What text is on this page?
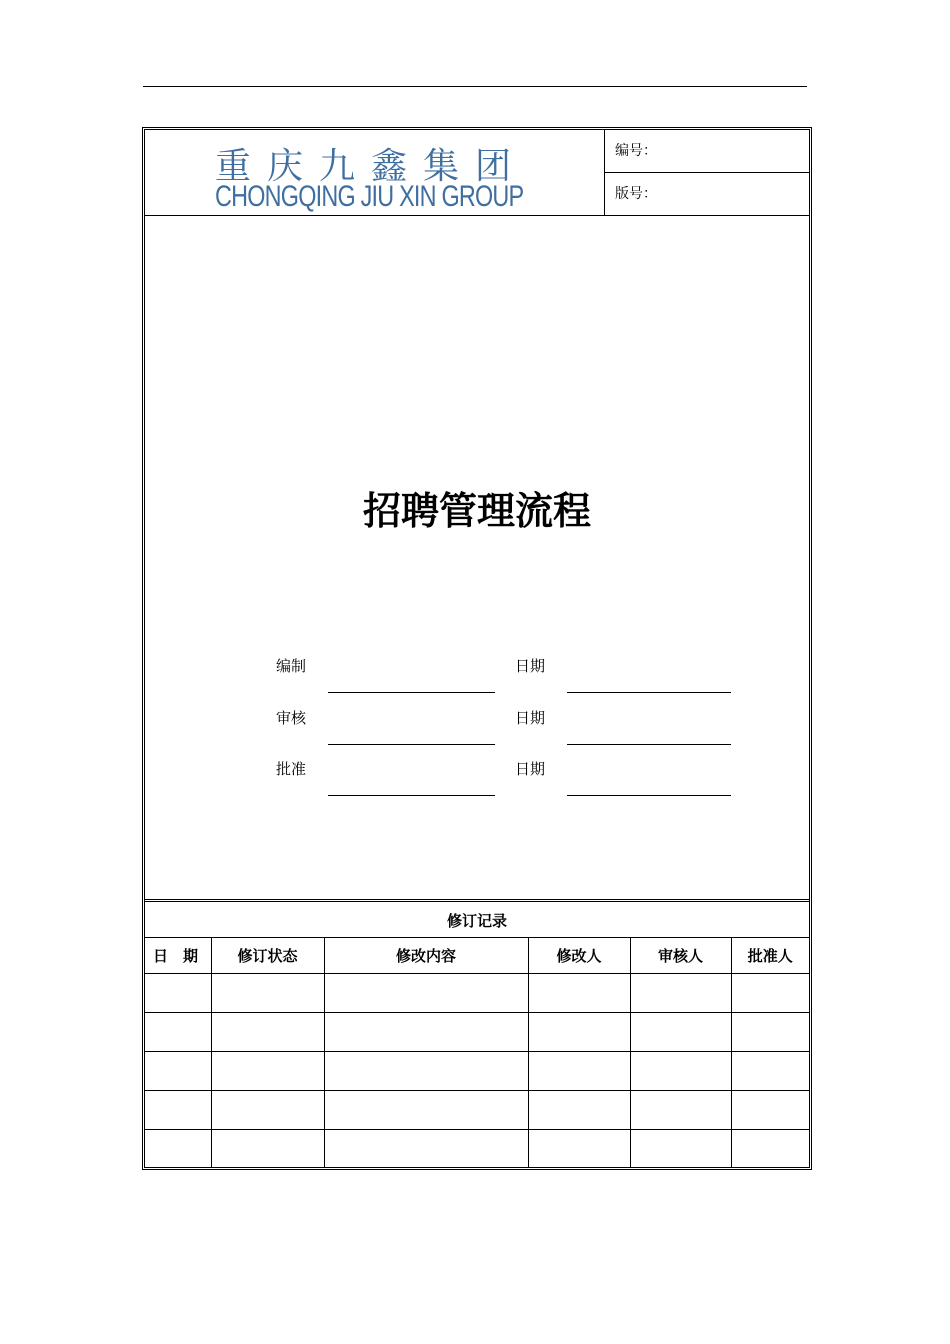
重庆九鑫集团
CHONGQING JIU XIN GROUP
编号：
版号：
招聘管理流程
编制	日期
审核	日期
批准	日期
修订记录					
日　期	修订状态	修改内容	修改人	审核人	批准人
